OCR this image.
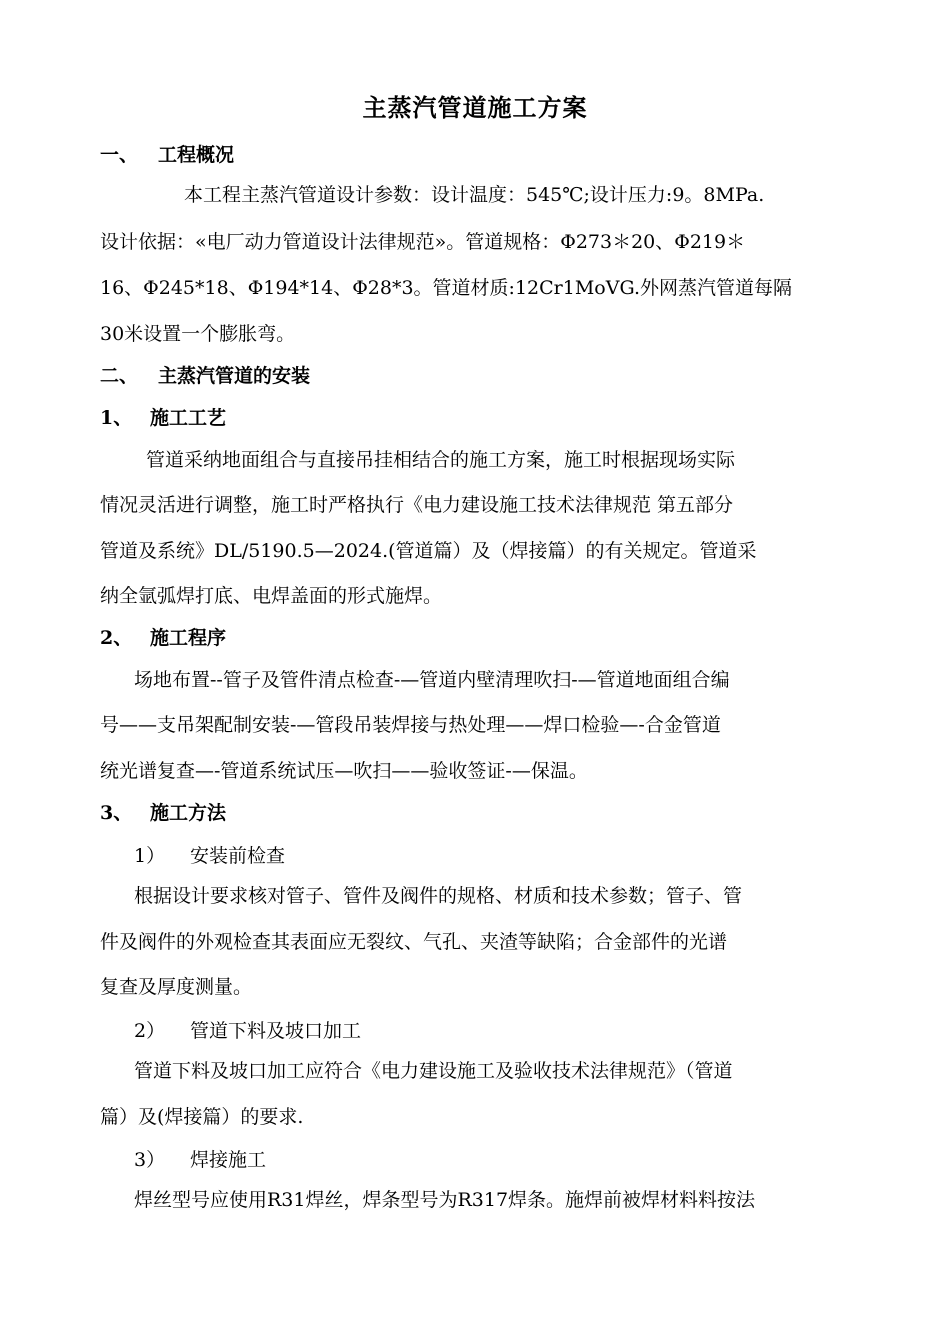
主蒸汽管道施工方案
一、 工程概况
本工程主蒸汽管道设计参数：设计温度：545℃;设计压力:9。8MPa.
设计依据：«电厂动力管道设计法律规范»。管道规格：Φ273＊20、Φ219＊
16、Φ245*18、Φ194*14、Φ28*3。管道材质:12Cr1MoVG.外网蒸汽管道每隔
30米设置一个膨胀弯。
二、 主蒸汽管道的安装
1、 施工工艺
管道采纳地面组合与直接吊挂相结合的施工方案，施工时根据现场实际
情况灵活进行调整，施工时严格执行《电力建设施工技术法律规范 第五部分
管道及系统》DL/5190.5—2024.(管道篇）及（焊接篇）的有关规定。管道采
纳全氩弧焊打底、电焊盖面的形式施焊。
2、 施工程序
场地布置--管子及管件清点检查-—管道内壁清理吹扫-—管道地面组合编
号——支吊架配制安装-—管段吊装焊接与热处理——焊口检验—-合金管道
统光谱复查—-管道系统试压—吹扫——验收签证-—保温。
3、 施工方法
1） 安装前检查
根据设计要求核对管子、管件及阀件的规格、材质和技术参数；管子、管
件及阀件的外观检查其表面应无裂纹、气孔、夹渣等缺陷；合金部件的光谱
复查及厚度测量。
2） 管道下料及坡口加工
管道下料及坡口加工应符合《电力建设施工及验收技术法律规范》（管道
篇）及(焊接篇）的要求.
3） 焊接施工
焊丝型号应使用R31焊丝，焊条型号为R317焊条。施焊前被焊材料料按法
